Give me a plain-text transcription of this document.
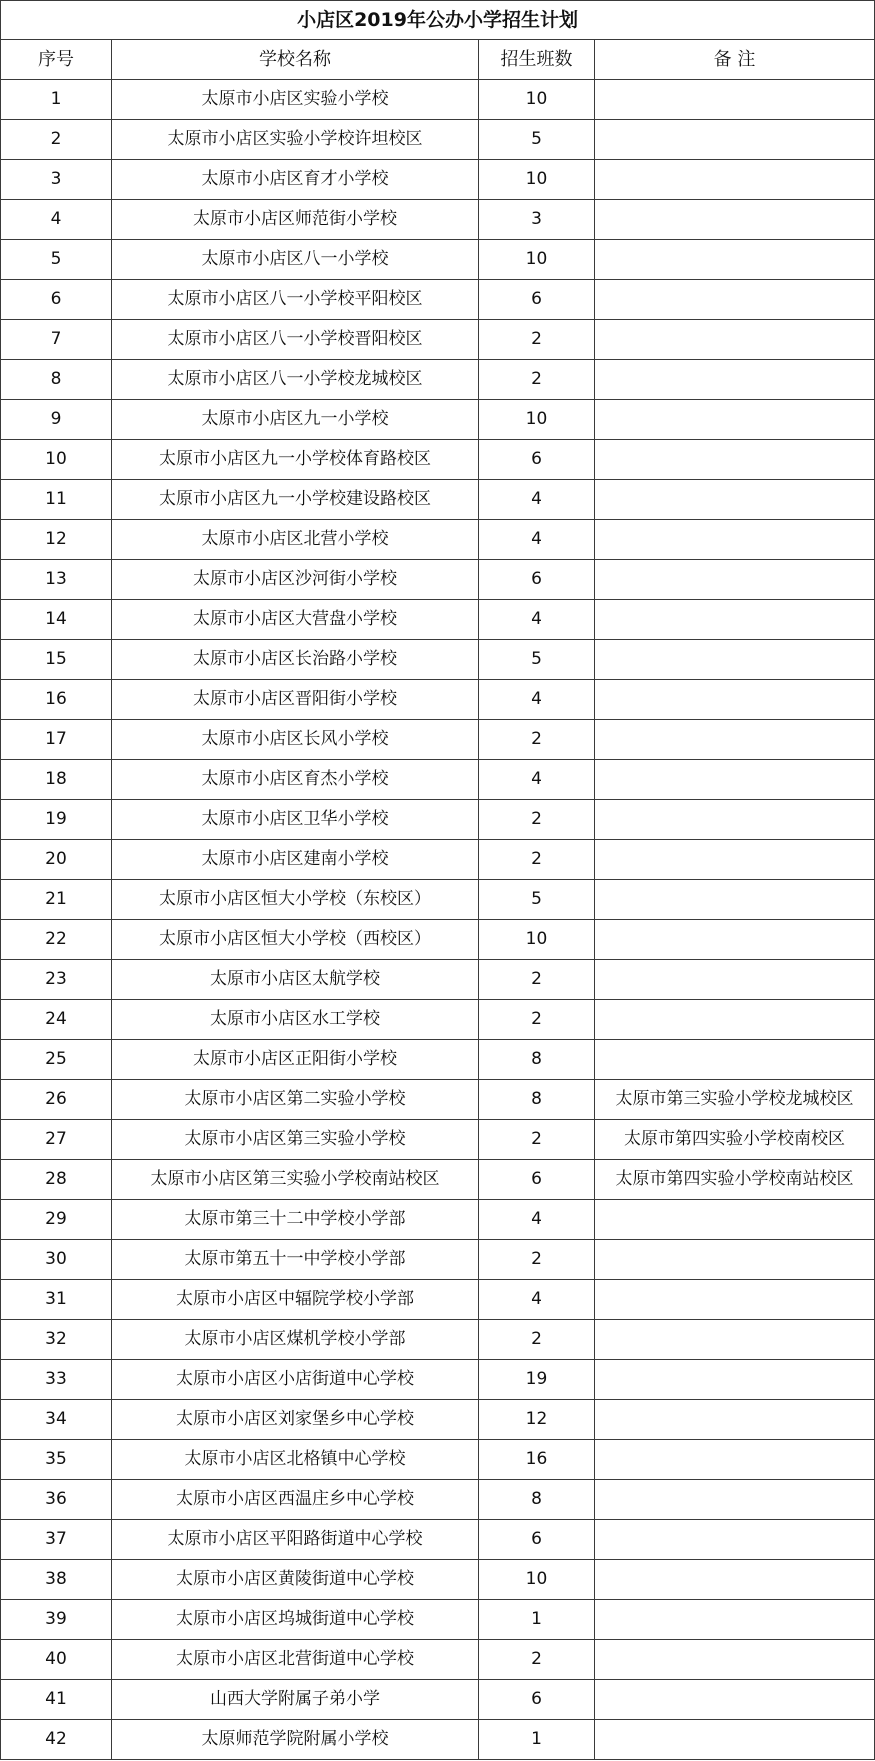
小店区2019年公办小学招生计划			
序号	学校名称	招生班数	备 注
1	太原市小店区实验小学校	10	
2	太原市小店区实验小学校许坦校区	5	
3	太原市小店区育才小学校	10	
4	太原市小店区师范街小学校	3	
5	太原市小店区八一小学校	10	
6	太原市小店区八一小学校平阳校区	6	
7	太原市小店区八一小学校晋阳校区	2	
8	太原市小店区八一小学校龙城校区	2	
9	太原市小店区九一小学校	10	
10	太原市小店区九一小学校体育路校区	6	
11	太原市小店区九一小学校建设路校区	4	
12	太原市小店区北营小学校	4	
13	太原市小店区沙河街小学校	6	
14	太原市小店区大营盘小学校	4	
15	太原市小店区长治路小学校	5	
16	太原市小店区晋阳街小学校	4	
17	太原市小店区长风小学校	2	
18	太原市小店区育杰小学校	4	
19	太原市小店区卫华小学校	2	
20	太原市小店区建南小学校	2	
21	太原市小店区恒大小学校（东校区）	5	
22	太原市小店区恒大小学校（西校区）	10	
23	太原市小店区太航学校	2	
24	太原市小店区水工学校	2	
25	太原市小店区正阳街小学校	8	
26	太原市小店区第二实验小学校	8	太原市第三实验小学校龙城校区
27	太原市小店区第三实验小学校	2	太原市第四实验小学校南校区
28	太原市小店区第三实验小学校南站校区	6	太原市第四实验小学校南站校区
29	太原市第三十二中学校小学部	4	
30	太原市第五十一中学校小学部	2	
31	太原市小店区中辐院学校小学部	4	
32	太原市小店区煤机学校小学部	2	
33	太原市小店区小店街道中心学校	19	
34	太原市小店区刘家堡乡中心学校	12	
35	太原市小店区北格镇中心学校	16	
36	太原市小店区西温庄乡中心学校	8	
37	太原市小店区平阳路街道中心学校	6	
38	太原市小店区黄陵街道中心学校	10	
39	太原市小店区坞城街道中心学校	1	
40	太原市小店区北营街道中心学校	2	
41	山西大学附属子弟小学	6	
42	太原师范学院附属小学校	1	
